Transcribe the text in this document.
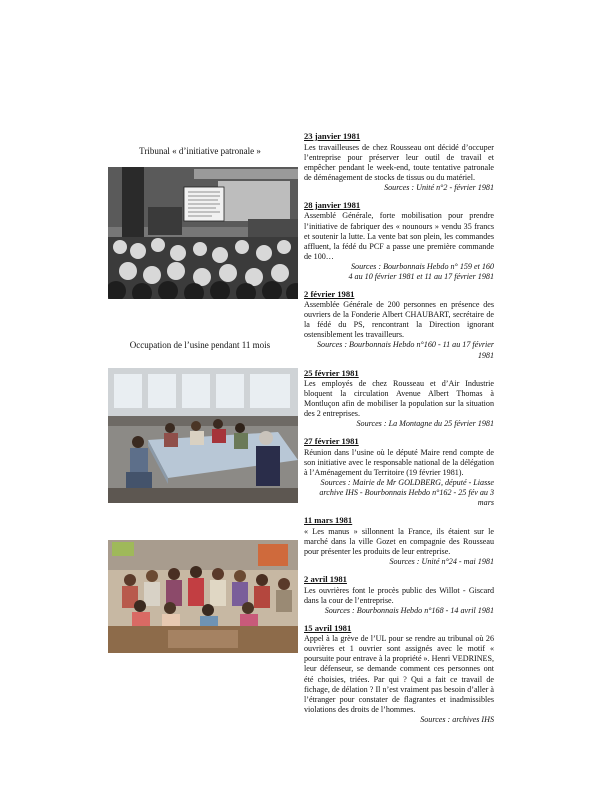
Tribunal « d’initiative patronale »
Occupation de l’usine pendant 11 mois
23 janvier 1981
Les travailleuses de chez Rousseau ont décidé d’occuper l’entreprise pour préserver leur outil de travail et empêcher pendant le week-end, toute tentative patronale de déménagement de stocks de tissus ou du matériel.
Sources : Unité n°2 - février 1981
28 janvier 1981
Assemblé Générale, forte mobilisation pour prendre l’initiative de fabriquer des « nounours » vendu 35 francs et soutenir la lutte. La vente bat son plein, les commandes affluent, la fédé du PCF a passe une première commande de 100…
Sources : Bourbonnais Hebdo n° 159 et 160
4 au 10 février 1981 et 11 au 17 février 1981
2 février 1981
Assemblée Générale de 200 personnes en présence des ouvriers de la Fonderie Albert CHAUBART, secrétaire de la fédé du PS, rencontrant la Direction ignorant ostensiblement les travailleurs.
Sources : Bourbonnais Hebdo n°160 - 11 au 17 février 1981
25 février 1981
Les employés de chez Rousseau et d’Air Industrie bloquent la circulation Avenue Albert Thomas à Montluçon afin de mobiliser la population sur la situation des 2 entreprises.
Sources : La Montagne du 25 février 1981
27 février 1981
Réunion dans l’usine où le député Maire rend compte de son initiative avec le responsable national de la délégation à l’Aménagement du Territoire (19 février 1981).
Sources : Mairie de Mr GOLDBERG, député - Liasse archive IHS - Bourbonnais Hebdo n°162 - 25 fév au 3 mars
11 mars 1981
« Les manus » sillonnent la France, ils étaient sur le marché dans la ville Gozet en compagnie des Rousseau pour présenter les produits de leur entreprise.
Sources : Unité n°24 - mai 1981
2 avril 1981
Les ouvrières font le procès public des Willot - Giscard dans la cour de l’entreprise.
Sources : Bourbonnais Hebdo n°168 - 14 avril 1981
15 avril 1981
Appel à la grève de l’UL pour se rendre au tribunal où 26 ouvrières et 1 ouvrier sont assignés avec le motif « poursuite pour entrave à la propriété ». Henri VEDRINES, leur défenseur, se demande comment ces personnes ont été choisies, triées. Par qui ? Qui a fait ce travail de fichage, de délation ? Il n’est vraiment pas besoin d’aller à l’étranger pour constater de flagrantes et inadmissibles violations des droits de l’hommes.
Sources : archives IHS
